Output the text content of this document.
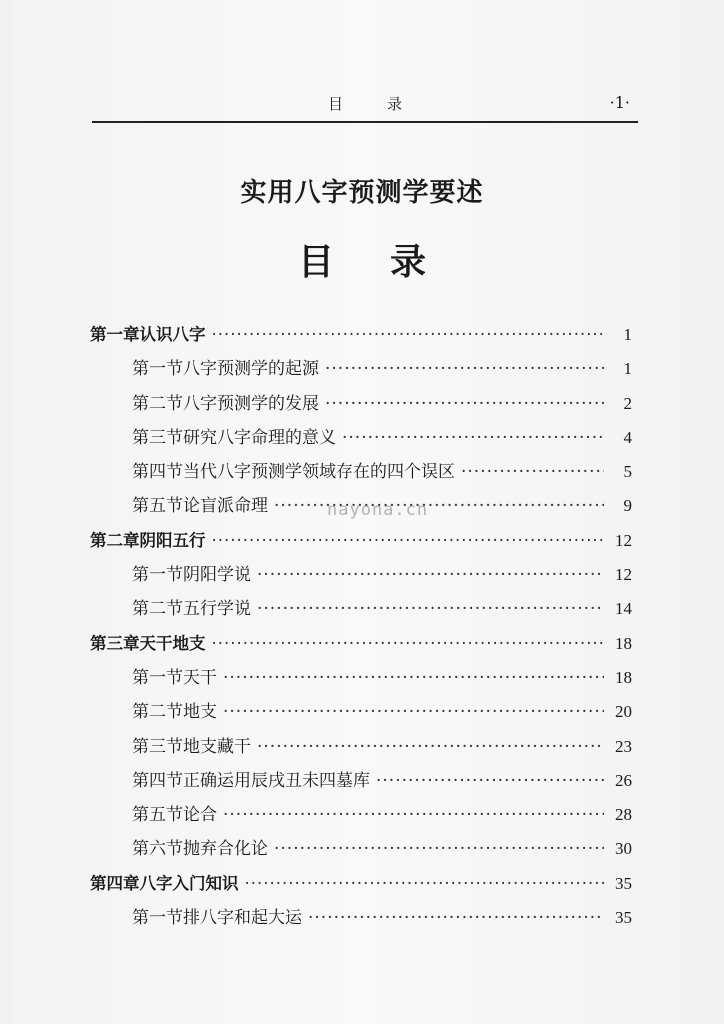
目录	·1·
实用八字预测学要述
目录
第一章 认识八字 ·····	1
第一节 八字预测学的起源 ·····	1
第二节 八字预测学的发展 ·····	2
第三节 研究八字命理的意义 ·····	4
第四节 当代八字预测学领域存在的四个误区 ·····	5
第五节 论盲派命理 ·····	9
第二章 阴阳五行 ·····	12
第一节 阴阳学说 ·····	12
第二节 五行学说 ·····	14
第三章 天干地支 ·····	18
第一节 天干 ·····	18
第二节 地支 ·····	20
第三节 地支藏干 ·····	23
第四节 正确运用辰戌丑未四墓库 ·····	26
第五节 论合 ·····	28
第六节 抛弃合化论 ·····	30
第四章 八字入门知识 ·····	35
第一节 排八字和起大运 ·····	35
nayona.cn
